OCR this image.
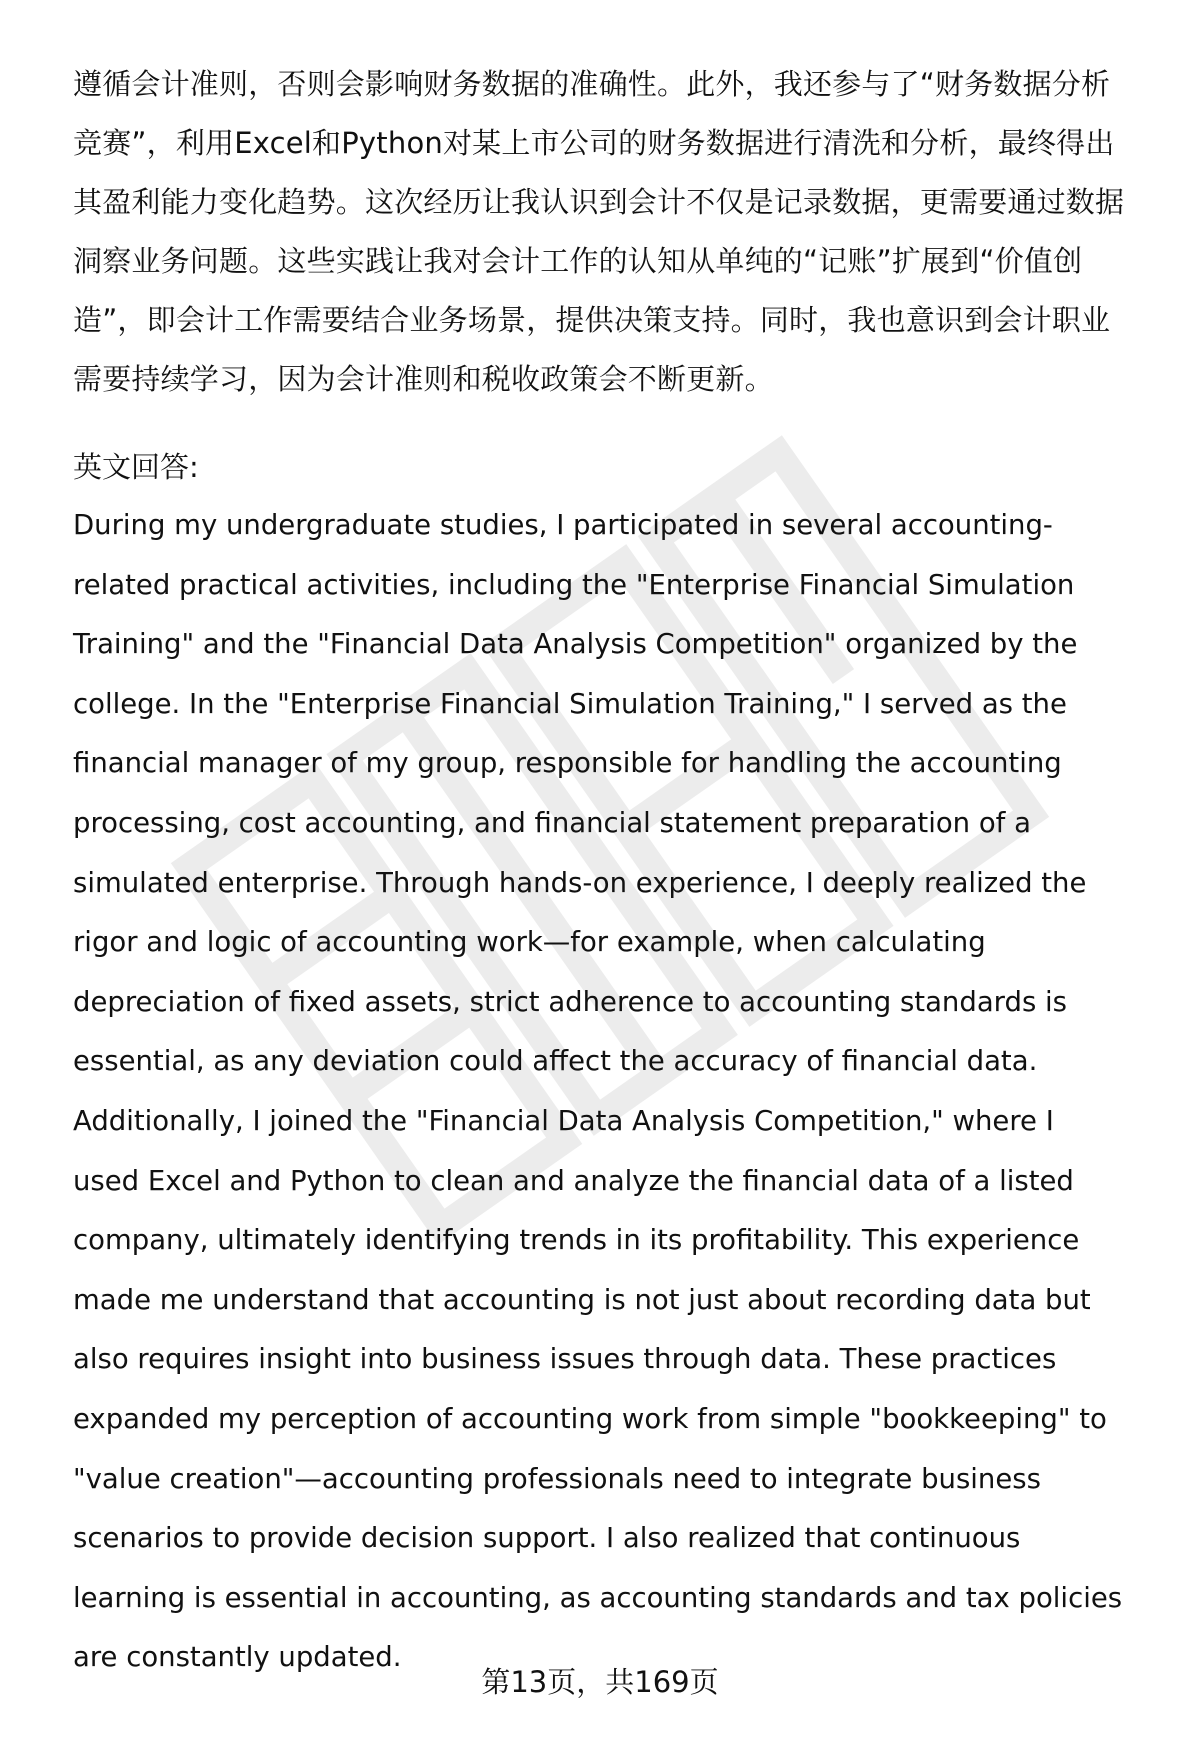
遵循会计准则，否则会影响财务数据的准确性。此外，我还参与了“财务数据分析
竞赛”，利用Excel和Python对某上市公司的财务数据进行清洗和分析，最终得出
其盈利能力变化趋势。这次经历让我认识到会计不仅是记录数据，更需要通过数据
洞察业务问题。这些实践让我对会计工作的认知从单纯的“记账”扩展到“价值创
造”，即会计工作需要结合业务场景，提供决策支持。同时，我也意识到会计职业
需要持续学习，因为会计准则和税收政策会不断更新。
英文回答:
During my undergraduate studies, I participated in several accounting-
related practical activities, including the "Enterprise Financial Simulation
Training" and the "Financial Data Analysis Competition" organized by the
college. In the "Enterprise Financial Simulation Training," I served as the
financial manager of my group, responsible for handling the accounting
processing, cost accounting, and financial statement preparation of a
simulated enterprise. Through hands-on experience, I deeply realized the
rigor and logic of accounting work—for example, when calculating
depreciation of fixed assets, strict adherence to accounting standards is
essential, as any deviation could affect the accuracy of financial data.
Additionally, I joined the "Financial Data Analysis Competition," where I
used Excel and Python to clean and analyze the financial data of a listed
company, ultimately identifying trends in its profitability. This experience
made me understand that accounting is not just about recording data but
also requires insight into business issues through data. These practices
expanded my perception of accounting work from simple "bookkeeping" to
"value creation"—accounting professionals need to integrate business
scenarios to provide decision support. I also realized that continuous
learning is essential in accounting, as accounting standards and tax policies
are constantly updated.
第13页，共169页
